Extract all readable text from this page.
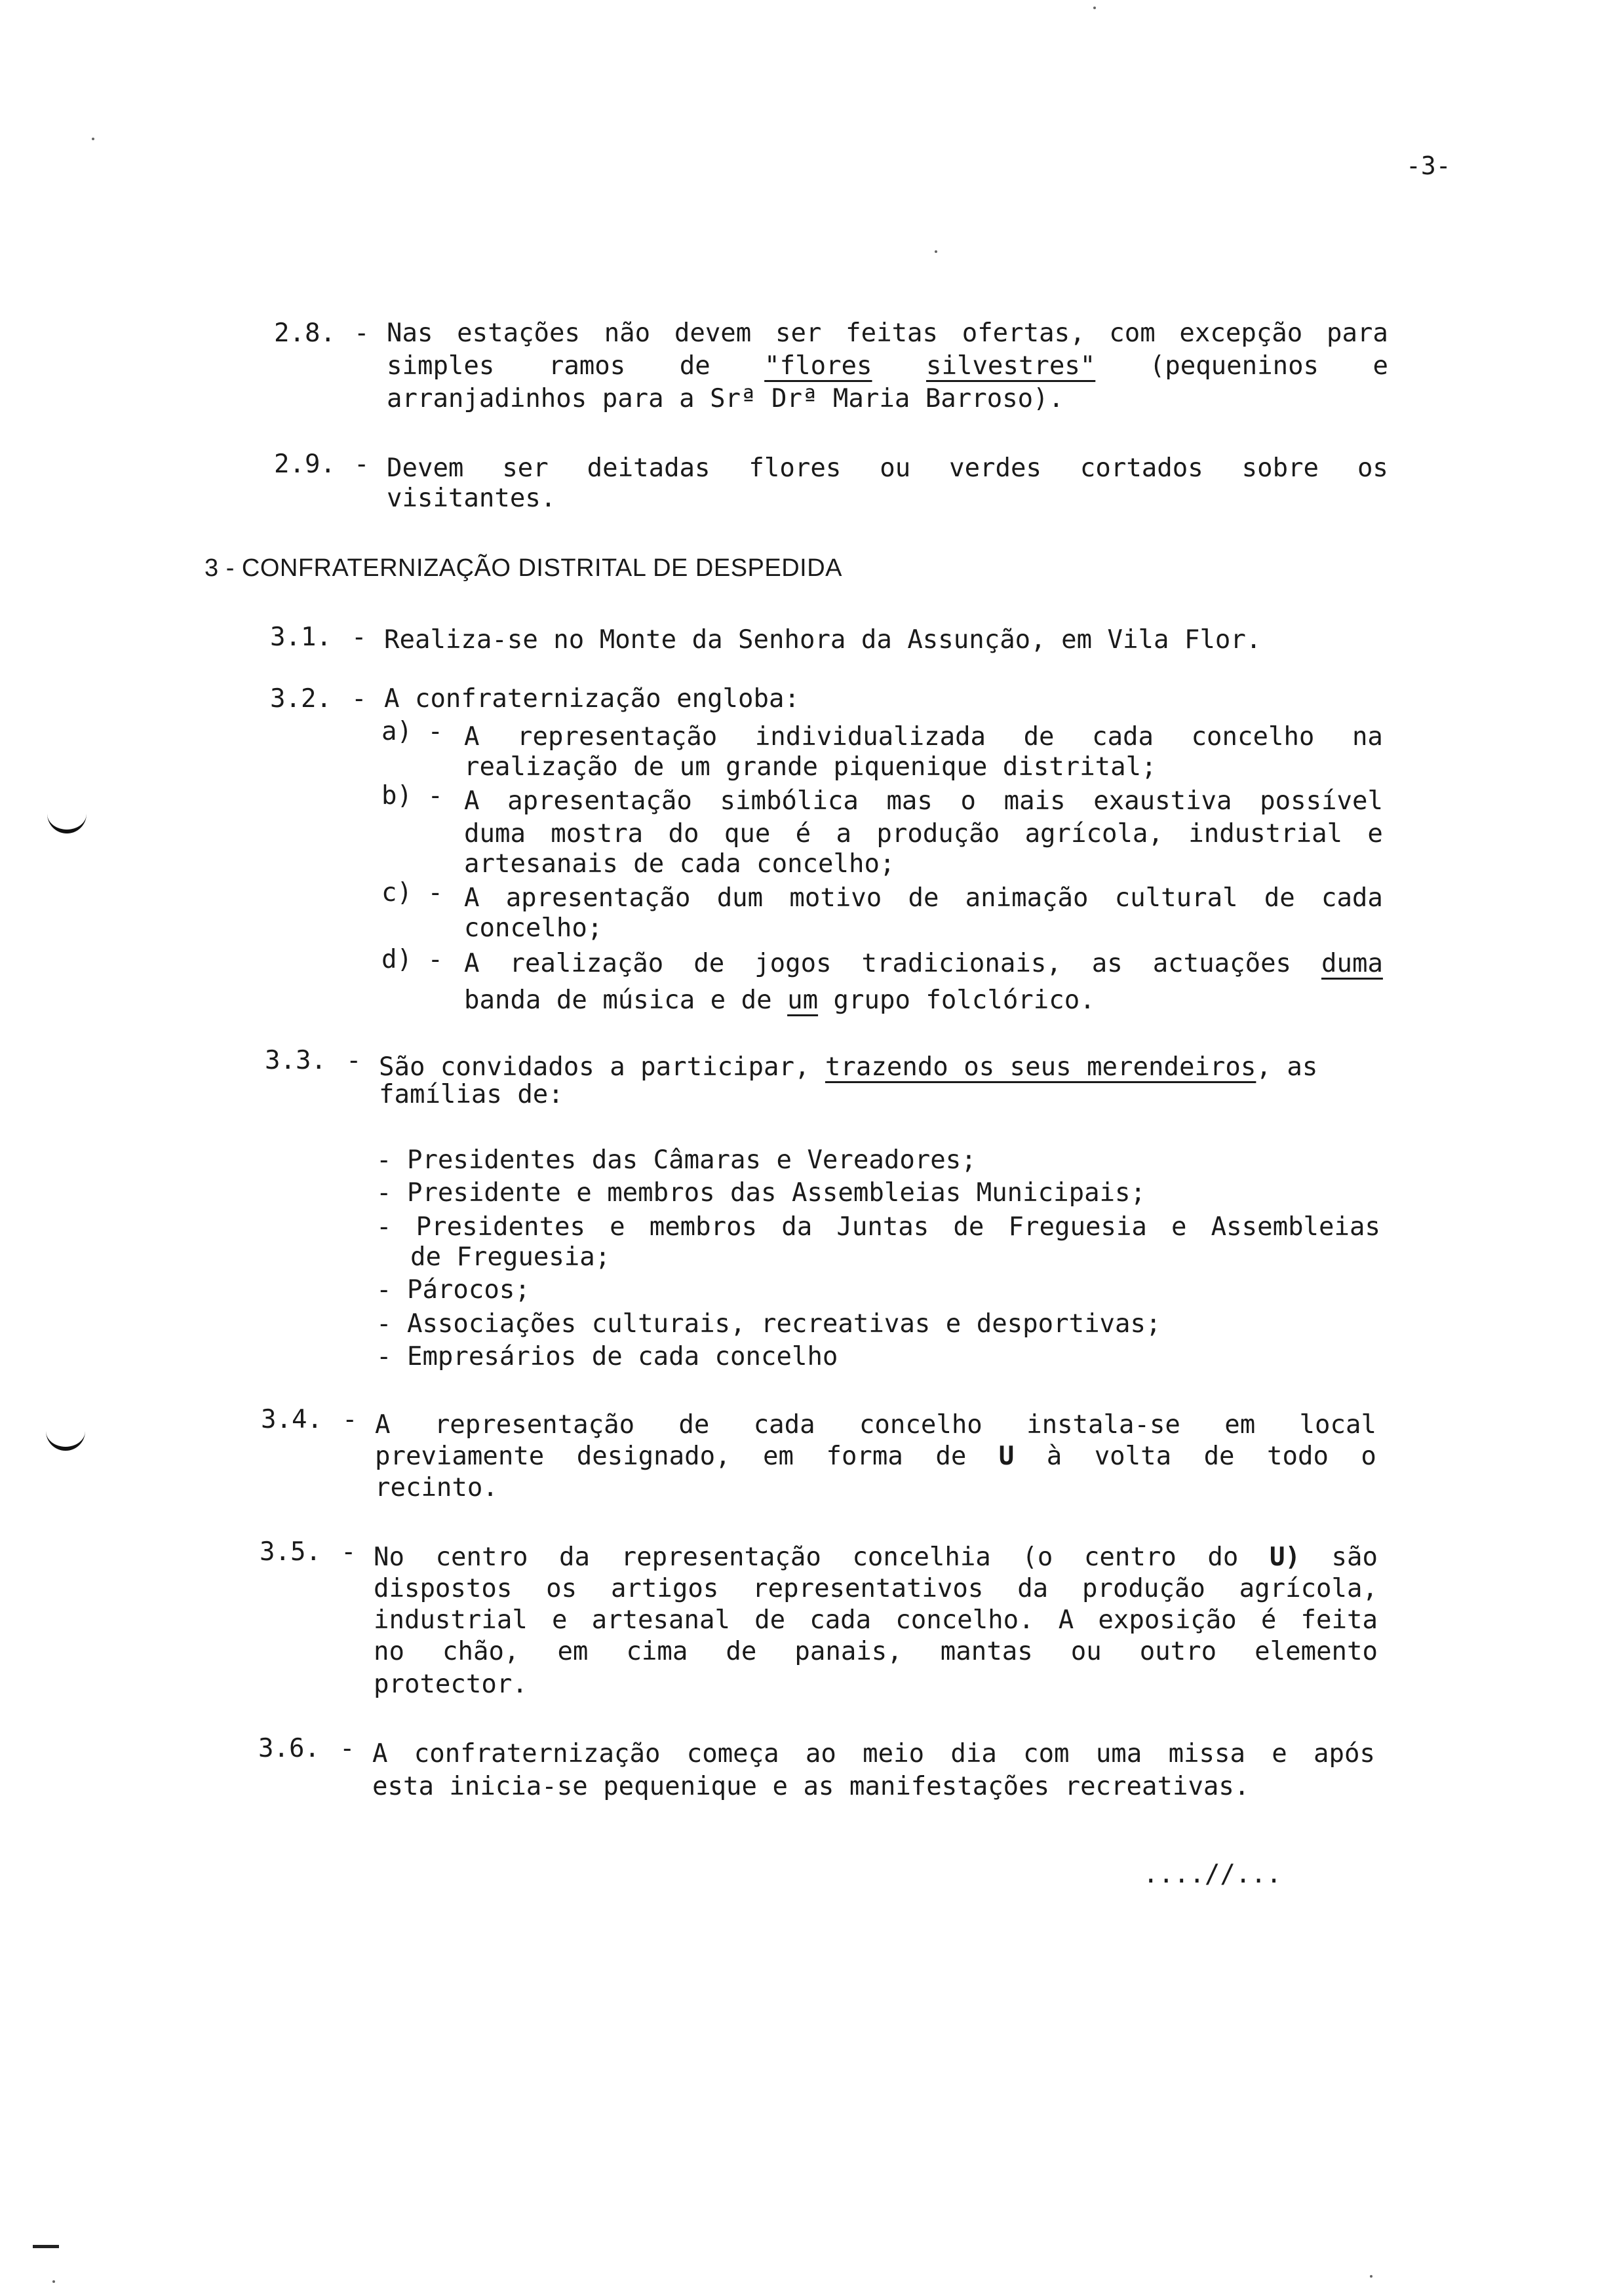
-3-
2.8. - Nas estações não devem ser feitas ofertas, com excepção para
simples ramos de "flores silvestres" (pequeninos e
arranjadinhos para a Srª Drª Maria Barroso).
2.9. - Devem ser deitadas flores ou verdes cortados sobre os
visitantes.
3 - CONFRATERNIZAÇÃO DISTRITAL DE DESPEDIDA
3.1. - Realiza-se no Monte da Senhora da Assunção, em Vila Flor.
3.2. - A confraternização engloba:
a) - A representação individualizada de cada concelho na
realização de um grande piquenique distrital;
b) - A apresentação simbólica mas o mais exaustiva possível
duma mostra do que é a produção agrícola, industrial e
artesanais de cada concelho;
c) - A apresentação dum motivo de animação cultural de cada
concelho;
d) - A realização de jogos tradicionais, as actuações duma
banda de música e de um grupo folclórico.
3.3. - São convidados a participar, trazendo os seus merendeiros, as
famílias de:
- Presidentes das Câmaras e Vereadores;
- Presidente e membros das Assembleias Municipais;
- Presidentes e membros da Juntas de Freguesia e Assembleias
de Freguesia;
- Párocos;
- Associações culturais, recreativas e desportivas;
- Empresários de cada concelho
3.4. - A representação de cada concelho instala-se em local
previamente designado, em forma de U à volta de todo o
recinto.
3.5. - No centro da representação concelhia (o centro do U) são
dispostos os artigos representativos da produção agrícola,
industrial e artesanal de cada concelho. A exposição é feita
no chão, em cima de panais, mantas ou outro elemento
protector.
3.6. - A confraternização começa ao meio dia com uma missa e após
esta inicia-se pequenique e as manifestações recreativas.
....//...
